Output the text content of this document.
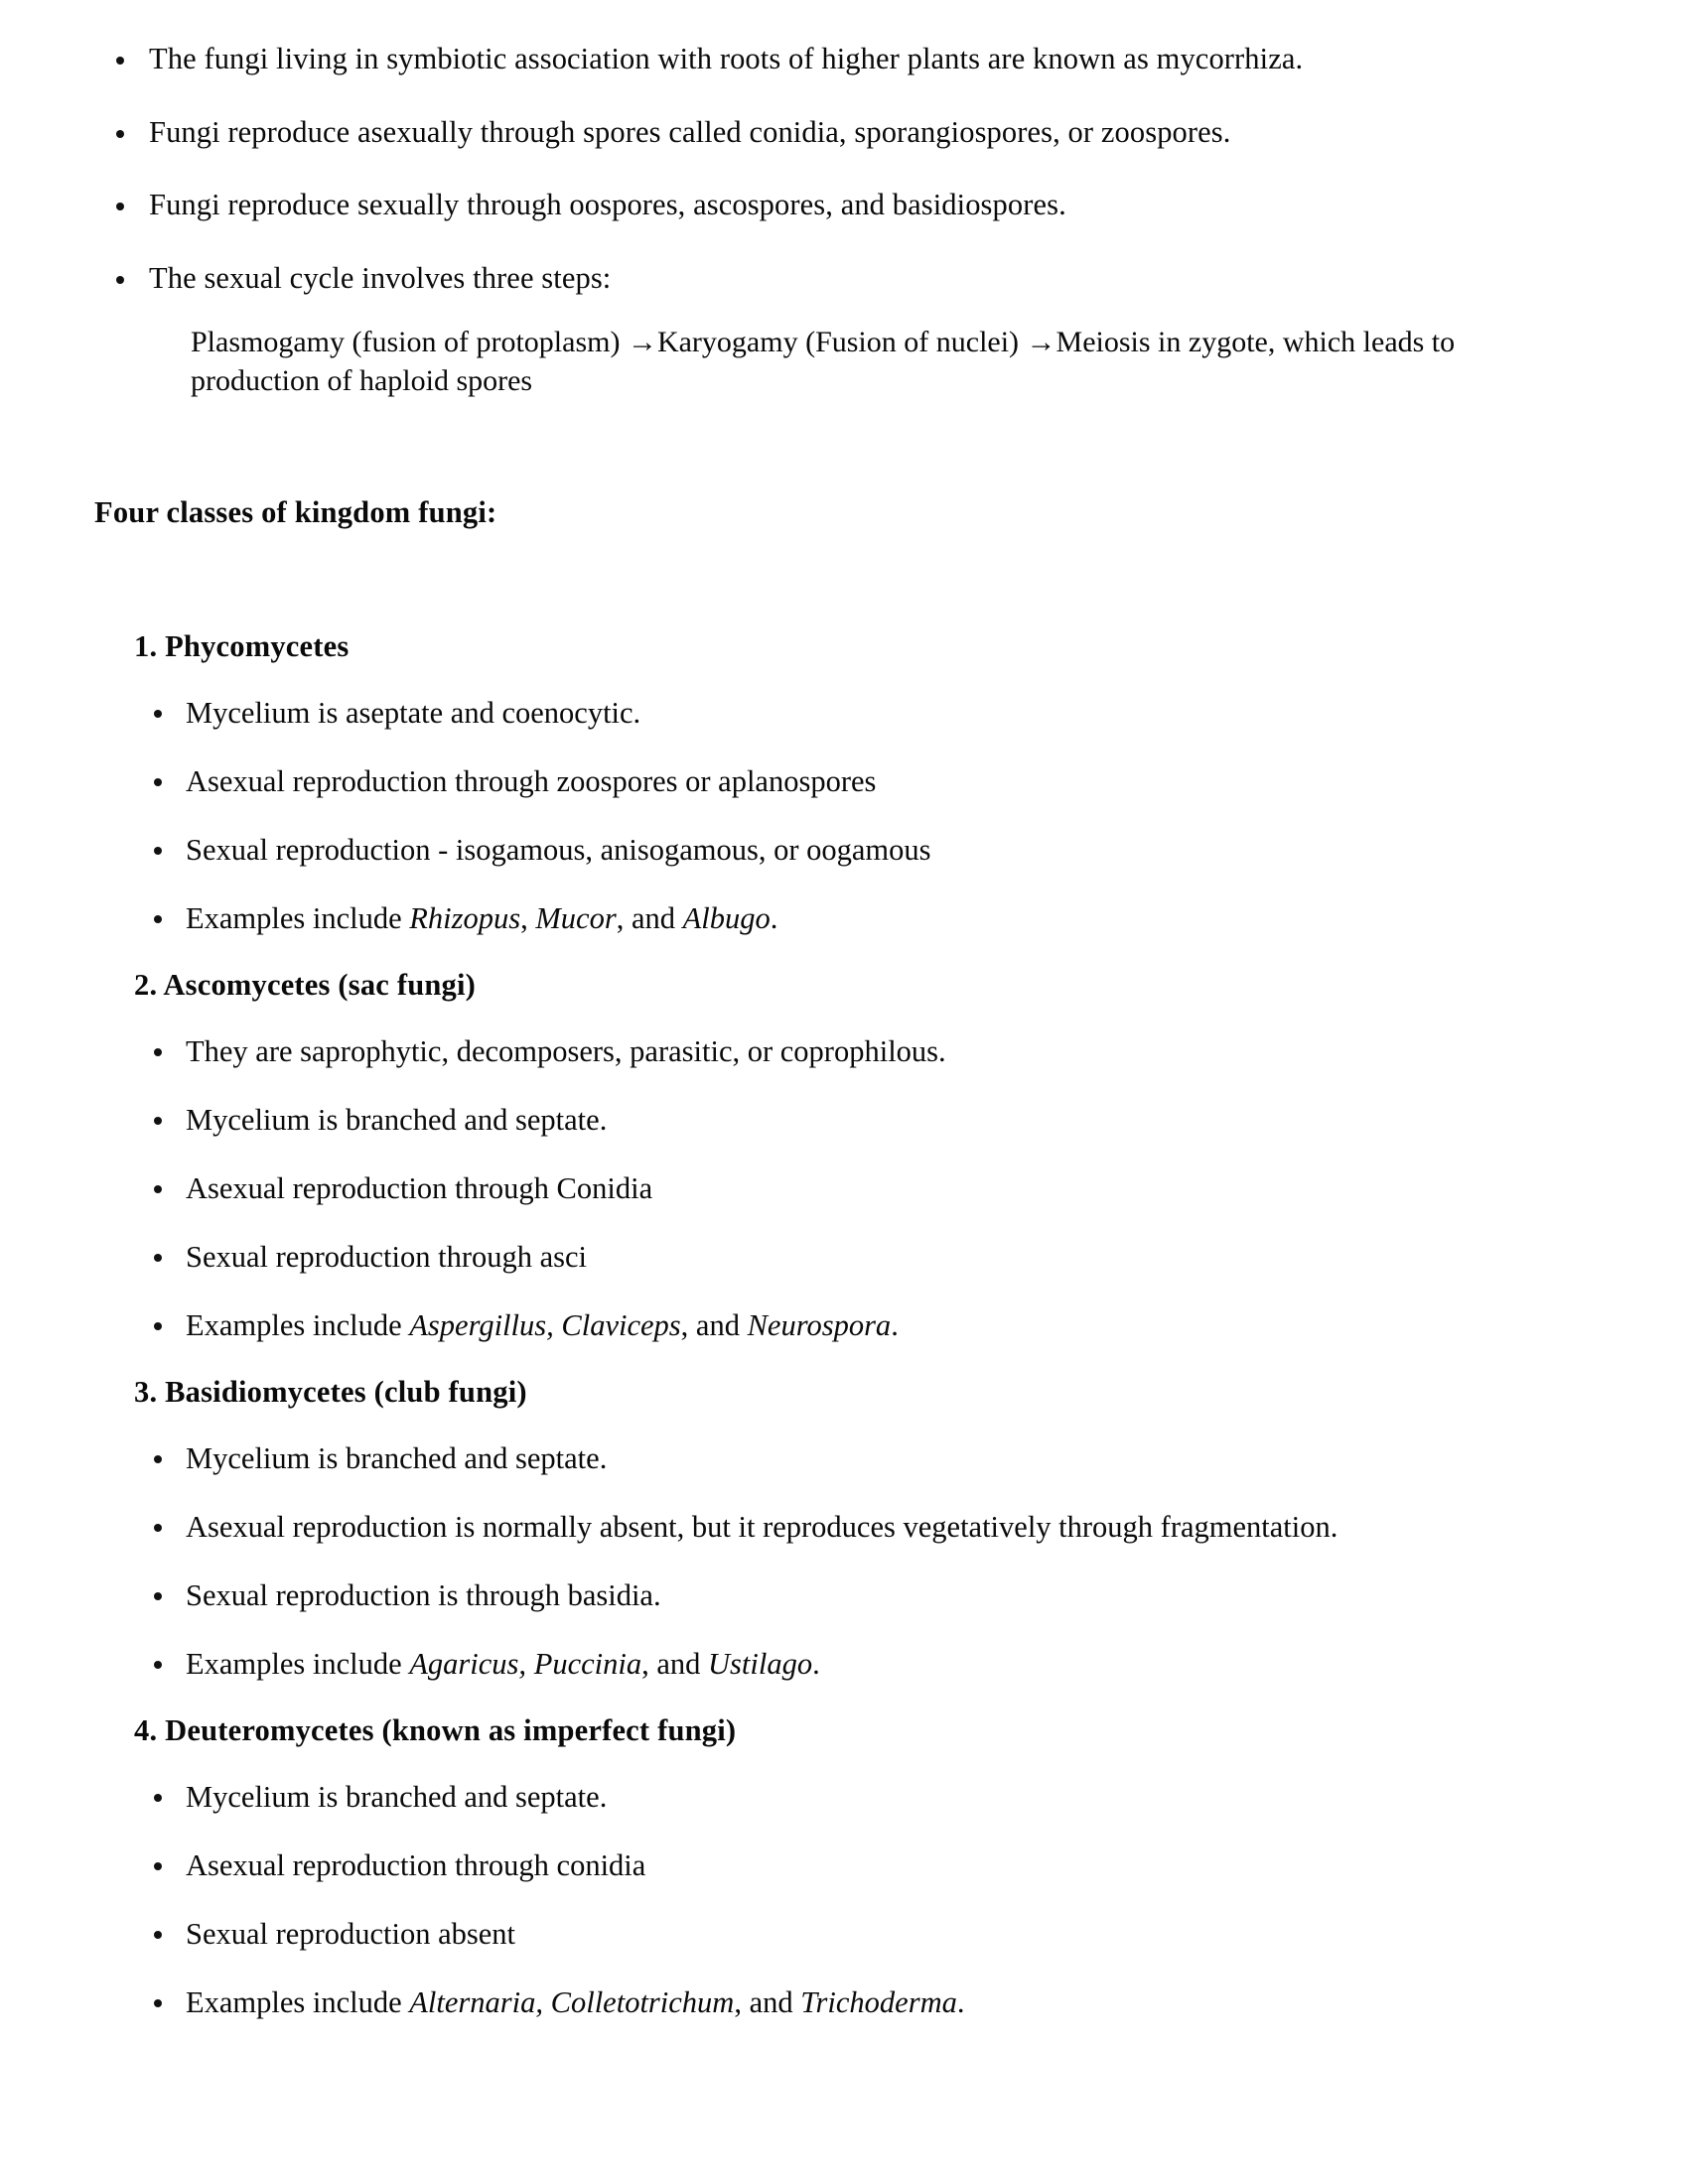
The fungi living in symbiotic association with roots of higher plants are known as mycorrhiza.
Fungi reproduce asexually through spores called conidia, sporangiospores, or zoospores.
Fungi reproduce sexually through oospores, ascospores, and basidiospores.
The sexual cycle involves three steps:

Plasmogamy (fusion of protoplasm) →Karyogamy (Fusion of nuclei) →Meiosis in zygote, which leads to production of haploid spores

Four classes of kingdom fungi:
1. Phycomycetes
Mycelium is aseptate and coenocytic.
Asexual reproduction through zoospores or aplanospores
Sexual reproduction - isogamous, anisogamous, or oogamous
Examples include Rhizopus, Mucor, and Albugo.
2. Ascomycetes (sac fungi)
They are saprophytic, decomposers, parasitic, or coprophilous.
Mycelium is branched and septate.
Asexual reproduction through Conidia
Sexual reproduction through asci
Examples include Aspergillus, Claviceps, and Neurospora.
3. Basidiomycetes (club fungi)
Mycelium is branched and septate.
Asexual reproduction is normally absent, but it reproduces vegetatively through fragmentation.
Sexual reproduction is through basidia.
Examples include Agaricus, Puccinia, and Ustilago.
4. Deuteromycetes (known as imperfect fungi)
Mycelium is branched and septate.
Asexual reproduction through conidia
Sexual reproduction absent
Examples include Alternaria, Colletotrichum, and Trichoderma.
